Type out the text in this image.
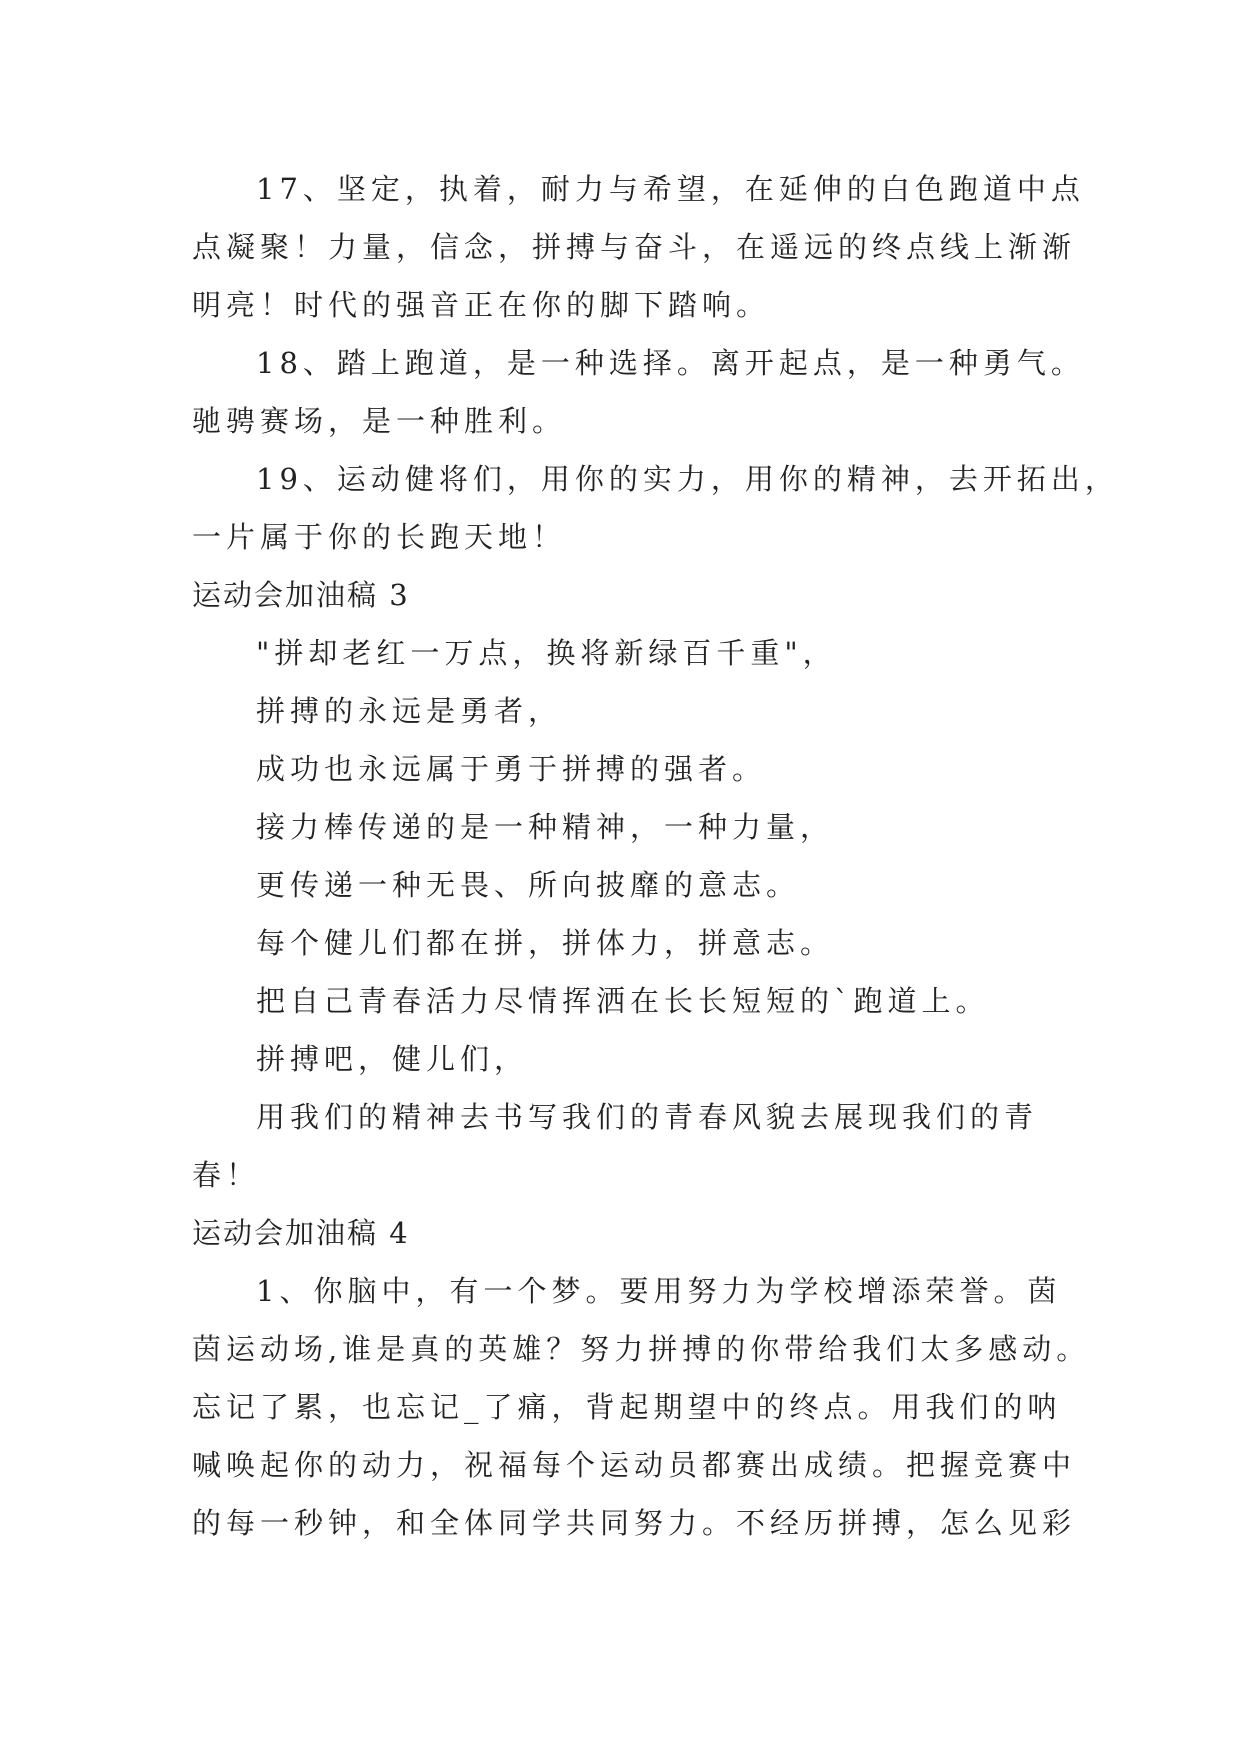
17、坚定，执着，耐力与希望，在延伸的白色跑道中点
点凝聚！力量，信念，拼搏与奋斗，在遥远的终点线上渐渐
明亮！时代的强音正在你的脚下踏响。
18、踏上跑道，是一种选择。离开起点，是一种勇气。
驰骋赛场，是一种胜利。
19、运动健将们，用你的实力，用你的精神，去开拓出，
一片属于你的长跑天地！
运动会加油稿 3
"拼却老红一万点，换将新绿百千重"，
拼搏的永远是勇者，
成功也永远属于勇于拼搏的强者。
接力棒传递的是一种精神，一种力量，
更传递一种无畏、所向披靡的意志。
每个健儿们都在拼，拼体力，拼意志。
把自己青春活力尽情挥洒在长长短短的`跑道上。
拼搏吧，健儿们，
用我们的精神去书写我们的青春风貌去展现我们的青
春！
运动会加油稿 4
1、你脑中，有一个梦。要用努力为学校增添荣誉。茵
茵运动场,谁是真的英雄？努力拼搏的你带给我们太多感动。
忘记了累，也忘记_了痛，背起期望中的终点。用我们的呐
喊唤起你的动力，祝福每个运动员都赛出成绩。把握竞赛中
的每一秒钟，和全体同学共同努力。不经历拼搏，怎么见彩
